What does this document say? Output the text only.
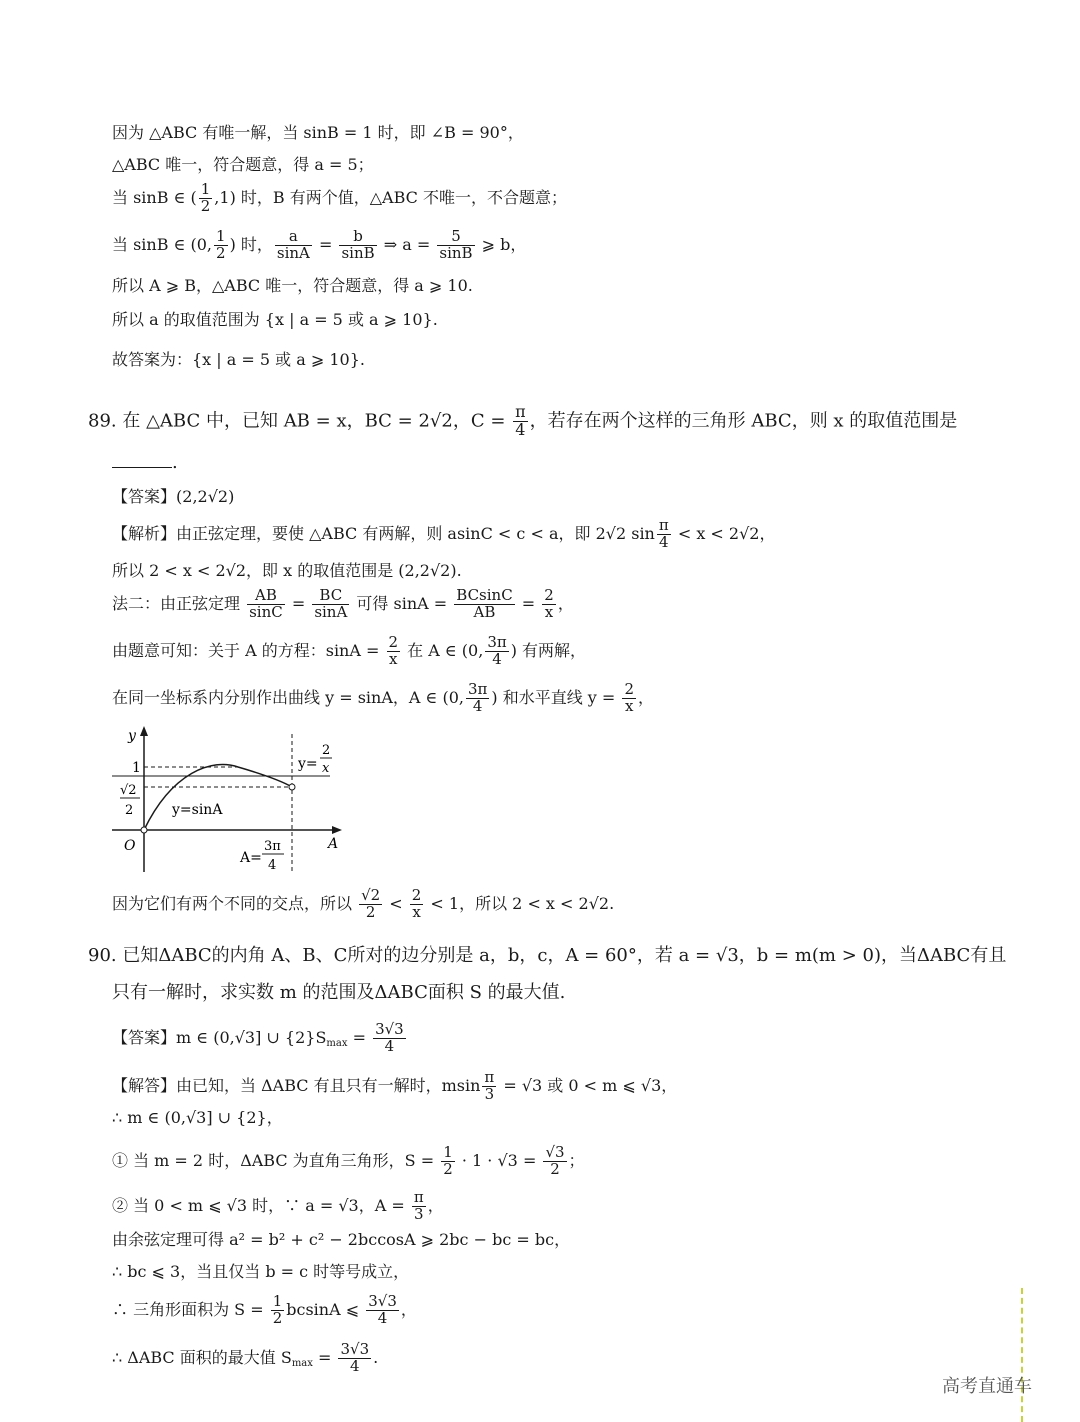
因为 △ABC 有唯一解，当 sinB = 1 时，即 ∠B = 90°，
△ABC 唯一，符合题意，得 a = 5；
当 sinB ∈ ( $\frac{1}{2} ,1$) 时，B 有两个值，△ABC 不唯一，不合题意；
当 sinB ∈ (0, $\frac{1}{2}$ ) 时， $\frac{a}{\sin A} = \frac{b}{\sin B}$ ⇒ $a = \frac{5}{\sin B}$ ⩾ b，
所以 A ⩾ B，△ABC 唯一，符合题意，得 a ⩾ 10.
所以 a 的取值范围为 {x | a = 5 或 a ⩾ 10}.
故答案为：{x | a = 5 或 a ⩾ 10}.
89. 在 △ABC 中，已知 AB = x，BC = 2√2，$C = \frac{\pi}{4}$ ，若存在两个这样的三角形 ABC，则 x 的取值范围是
.
【答案】(2,2√2)
【解析】由正弦定理，要使 △ABC 有两解，则 asinC < c < a，即 2√2 $\sin \frac{\pi}{4} < x < 2√2$，
所以 2 < x < 2√2，即 x 的取值范围是 (2,2√2).
法二：由正弦定理 $\frac{AB}{\sin C} = \frac{BC}{\sin A}$ 可得 $\sin A = \frac{BCsinC}{AB} = \frac{2}{x}$ ，
由题意可知：关于 A 的方程：$\sin A = \frac{2}{x}$ 在 A ∈ (0, $\frac{3\pi}{4}$ ) 有两解，
在同一坐标系内分别作出曲线 y = sinA，A ∈ (0, $\frac{3\pi}{4}$ ) 和水平直线 $y = \frac{2}{x}$ ，
y
A
O
1
√2
2	y=sinA
y=
2
x
A=
3π
4
因为它们有两个不同的交点，所以 $\frac{√2}{2} < \frac{2}{x} < 1$，所以 2 < x < 2√2.
90. 已知ΔABC的内角 A、B、C所对的边分别是 a，b，c，A = 60°，若 a = √3，b = m(m > 0)，当ΔABC有且
只有一解时，求实数 m 的范围及ΔABC面积 S 的最大值.
【答案】m ∈ (0,√3] ∪ $\{2\}S_{max} = \frac{3√3}{4}$
【解答】由已知，当 ΔABC 有且只有一解时，msin $\frac{\pi}{3} = √3$ 或 0 < m ⩽ √3，
∴ m ∈ (0,√3] ∪ {2}，
① 当 m = 2 时，ΔABC 为直角三角形，$S = \frac{1}{2} \cdot 1 \cdot √3 = \frac{√3}{2}$ ；
② 当 0 < m ⩽ √3 时，∵ a = √3，$A = \frac{\pi}{3}$ ，
由余弦定理可得 a² = b² + c² − 2bccosA ⩾ 2bc − bc = bc，
∴ bc ⩽ 3，当且仅当 b = c 时等号成立，
∴ 三角形面积为 $S = \frac{1}{2}$ bcsinA ⩽ $\frac{3√3}{4}$ ，
∴ ΔABC 面积的最大值 $S_{max} = \frac{3√3}{4}$ .
高考直通车
